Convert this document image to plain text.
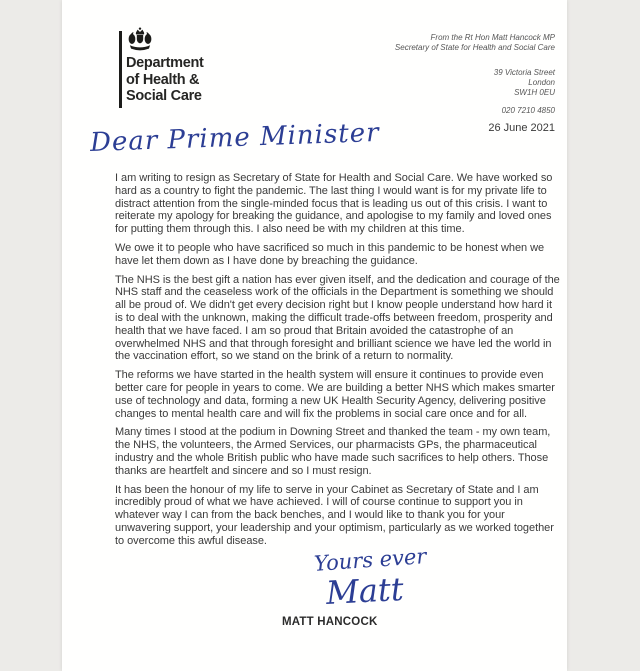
Department
of Health &
Social Care
From the Rt Hon Matt Hancock MP
Secretary of State for Health and Social Care
39 Victoria Street
London
SW1H 0EU
020 7210 4850
26 June 2021
Dear Prime Minister

I am writing to resign as Secretary of State for Health and Social Care. We have worked so hard as a country to fight the pandemic. The last thing I would want is for my private life to distract attention from the single-minded focus that is leading us out of this crisis. I want to reiterate my apology for breaking the guidance, and apologise to my family and loved ones for putting them through this. I also need be with my children at this time.

We owe it to people who have sacrificed so much in this pandemic to be honest when we have let them down as I have done by breaching the guidance.

The NHS is the best gift a nation has ever given itself, and the dedication and courage of the NHS staff and the ceaseless work of the officials in the Department is something we should all be proud of. We didn't get every decision right but I know people understand how hard it is to deal with the unknown, making the difficult trade-offs between freedom, prosperity and health that we have faced. I am so proud that Britain avoided the catastrophe of an overwhelmed NHS and that through foresight and brilliant science we have led the world in the vaccination effort, so we stand on the brink of a return to normality.

The reforms we have started in the health system will ensure it continues to provide even better care for people in years to come. We are building a better NHS which makes smarter use of technology and data, forming a new UK Health Security Agency, delivering positive changes to mental health care and will fix the problems in social care once and for all.

Many times I stood at the podium in Downing Street and thanked the team - my own team, the NHS, the volunteers, the Armed Services, our pharmacists GPs, the pharmaceutical industry and the whole British public who have made such sacrifices to help others. Those thanks are heartfelt and sincere and so I must resign.

It has been the honour of my life to serve in your Cabinet as Secretary of State and I am incredibly proud of what we have achieved. I will of course continue to support you in whatever way I can from the back benches, and I would like to thank you for your unwavering support, your leadership and your optimism, particularly as we worked together to overcome this awful disease.

Yours ever
Matt
MATT HANCOCK
